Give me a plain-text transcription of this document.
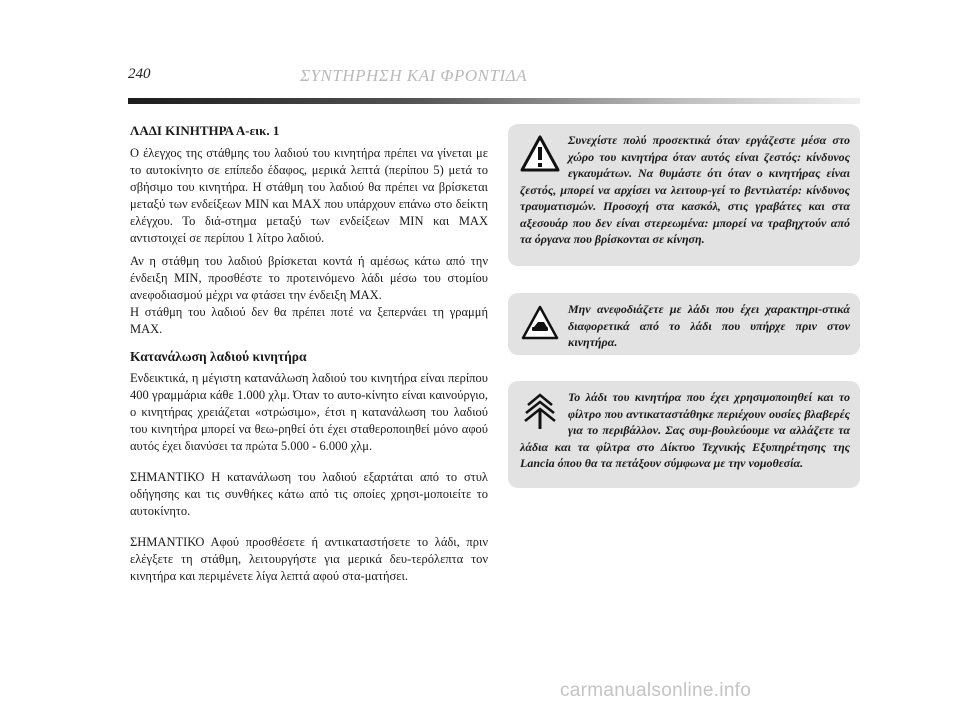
240	ΣΥΝΤΗΡΗΣΗ ΚΑΙ ΦΡΟΝΤΙΔΑ
ΛΑΔΙ ΚΙΝΗΤΗΡΑ Α-εικ. 1

Ο έλεγχος της στάθμης του λαδιού του κινητήρα πρέπει να γίνεται με το αυτοκίνητο σε επίπεδο έδαφος, μερικά λεπτά (περίπου 5) μετά το σβήσιμο του κινητήρα. Η στάθμη του λαδιού θα πρέπει να βρίσκεται μεταξύ των ενδείξεων MIN και MAX που υπάρχουν επάνω στο δείκτη ελέγχου. Το διά-στημα μεταξύ των ενδείξεων MIN και MAX αντιστοιχεί σε περίπου 1 λίτρο λαδιού.

Αν η στάθμη του λαδιού βρίσκεται κοντά ή αμέσως κάτω από την ένδειξη MIN, προσθέστε το προτεινόμενο λάδι μέσω του στομίου ανεφοδιασμού μέχρι να φτάσει την ένδειξη MAX.

Η στάθμη του λαδιού δεν θα πρέπει ποτέ να ξεπερνάει τη γραμμή MAX.

Κατανάλωση λαδιού κινητήρα

Ενδεικτικά, η μέγιστη κατανάλωση λαδιού του κινητήρα είναι περίπου 400 γραμμάρια κάθε 1.000 χλμ. Όταν το αυτο-κίνητο είναι καινούργιο, ο κινητήρας χρειάζεται «στρώσιμο», έτσι η κατανάλωση του λαδιού του κινητήρα μπορεί να θεω-ρηθεί ότι έχει σταθεροποιηθεί μόνο αφού αυτός έχει διανύσει τα πρώτα 5.000 - 6.000 χλμ.

ΣΗΜΑΝΤΙΚΟ Η κατανάλωση του λαδιού εξαρτάται από το στυλ οδήγησης και τις συνθήκες κάτω από τις οποίες χρησι-μοποιείτε το αυτοκίνητο.

ΣΗΜΑΝΤΙΚΟ Αφού προσθέσετε ή αντικαταστήσετε το λάδι, πριν ελέγξετε τη στάθμη, λειτουργήστε για μερικά δευ-τερόλεπτα τον κινητήρα και περιμένετε λίγα λεπτά αφού στα-ματήσει.

Συνεχίστε πολύ προσεκτικά όταν εργάζεστε μέσα στο χώρο του κινητήρα όταν αυτός είναι ζεστός: κίνδυνος εγκαυμάτων. Να θυμάστε ότι όταν ο κινητήρας είναι ζεστός, μπορεί να αρχίσει να λειτουρ-γεί το βεντιλατέρ: κίνδυνος τραυματισμών. Προσοχή στα κασκόλ, στις γραβάτες και στα αξεσουάρ που δεν είναι στερεωμένα: μπορεί να τραβηχτούν από τα όργανα που βρίσκονται σε κίνηση.

Μην ανεφοδιάζετε με λάδι που έχει χαρακτηρι-στικά διαφορετικά από το λάδι που υπήρχε πριν στον κινητήρα.

Το λάδι του κινητήρα που έχει χρησιμοποιηθεί και το φίλτρο που αντικαταστάθηκε περιέχουν ουσίες βλαβερές για το περιβάλλον. Σας συμ-βουλεύουμε να αλλάζετε τα λάδια και τα φίλτρα στο Δίκτυο Τεχνικής Εξυπηρέτησης της Lancia όπου θα τα πετάξουν σύμφωνα με την νομοθεσία.

carmanualsonline.info
